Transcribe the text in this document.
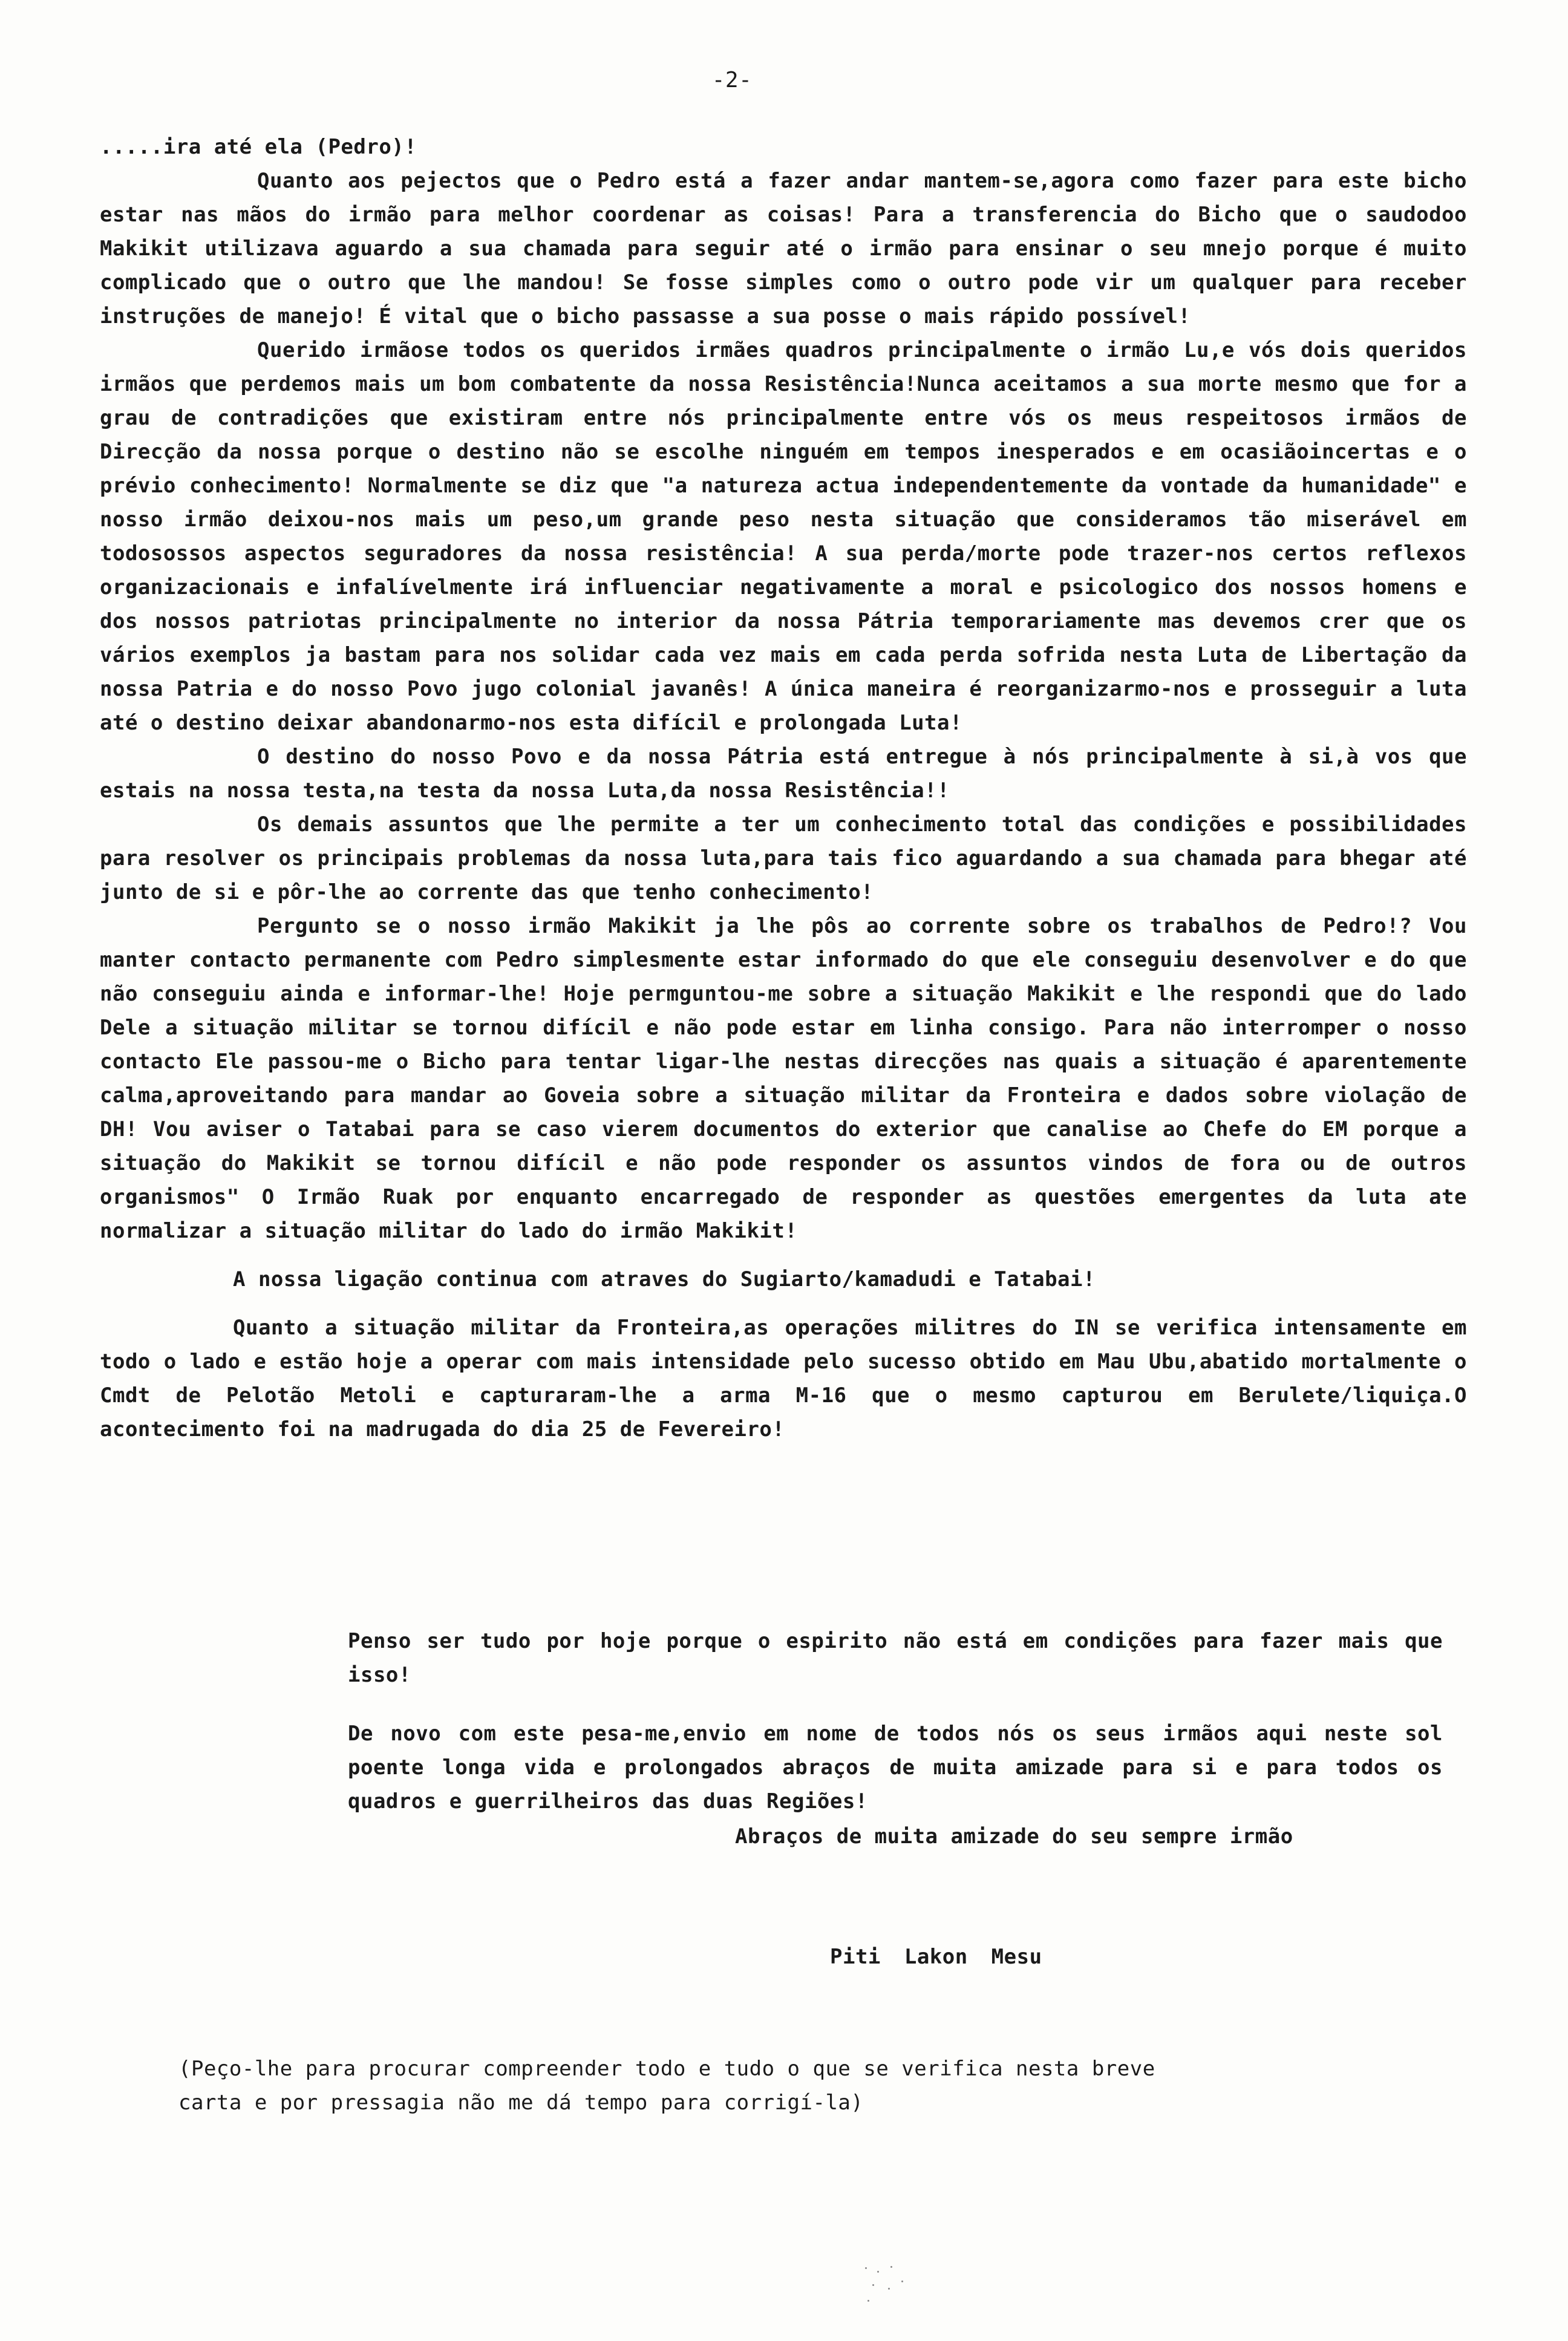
-2-

.....ira até ela (Pedro)!

Quanto aos pejectos que o Pedro está a fazer andar mantem-se,agora como fazer para este bicho estar nas mãos do irmão para melhor coordenar as coisas! Para a transferencia do Bicho que o saudodoo Makikit utilizava aguardo a sua chamada para seguir até o irmão para ensinar o seu mnejo porque é muito complicado que o outro que lhe mandou! Se fosse simples como o outro pode vir um qualquer para receber instruções de manejo! É vital que o bicho passasse a sua posse o mais rápido possível!

Querido irmãose todos os queridos irmães quadros principalmente o irmão Lu,e vós dois queridos irmãos que perdemos mais um bom combatente da nossa Resistência!Nunca aceitamos a sua morte mesmo que for a grau de contradições que existiram entre nós principalmente entre vós os meus respeitosos irmãos de Direcção da nossa porque o destino não se escolhe ninguém em tempos inesperados e em ocasiãoincertas e o prévio conhecimento! Normalmente se diz que "a natureza actua independentemente da vontade da humanidade" e nosso irmão deixou-nos mais um peso,um grande peso nesta situação que consideramos tão miserável em todosossos aspectos seguradores da nossa resistência! A sua perda/morte pode trazer-nos certos reflexos organizacionais e infalívelmente irá influenciar negativamente a moral e psicologico dos nossos homens e dos nossos patriotas principalmente no interior da nossa Pátria temporariamente mas devemos crer que os vários exemplos ja bastam para nos solidar cada vez mais em cada perda sofrida nesta Luta de Libertação da nossa Patria e do nosso Povo jugo colonial javanês! A única maneira é reorganizarmo-nos e prosseguir a luta até o destino deixar abandonarmo-nos esta difícil e prolongada Luta!

O destino do nosso Povo e da nossa Pátria está entregue à nós principalmente à si,à vos que estais na nossa testa,na testa da nossa Luta,da nossa Resistência!!

Os demais assuntos que lhe permite a ter um conhecimento total das condições e possibilidades para resolver os principais problemas da nossa luta,para tais fico aguardando a sua chamada para bhegar até junto de si e pôr-lhe ao corrente das que tenho conhecimento!

Pergunto se o nosso irmão Makikit ja lhe pôs ao corrente sobre os trabalhos de Pedro!? Vou manter contacto permanente com Pedro simplesmente estar informado do que ele conseguiu desenvolver e do que não conseguiu ainda e informar-lhe! Hoje permguntou-me sobre a situação Makikit e lhe respondi que do lado Dele a situação militar se tornou difícil e não pode estar em linha consigo. Para não interromper o nosso contacto Ele passou-me o Bicho para tentar ligar-lhe nestas direcções nas quais a situação é aparentemente calma,aproveitando para mandar ao Goveia sobre a situação militar da Fronteira e dados sobre violação de DH! Vou aviser o Tatabai para se caso vierem documentos do exterior que canalise ao Chefe do EM porque a situação do Makikit se tornou difícil e não pode responder os assuntos vindos de fora ou de outros organismos" O Irmão Ruak por enquanto encarregado de responder as questões emergentes da luta ate normalizar a situação militar do lado do irmão Makikit!

A nossa ligação continua com atraves do Sugiarto/kamadudi e Tatabai!

Quanto a situação militar da Fronteira,as operações militres do IN se verifica intensamente em todo o lado e estão hoje a operar com mais intensidade pelo sucesso obtido em Mau Ubu,abatido mortalmente o Cmdt de Pelotão Metoli e capturaram-lhe a arma M-16 que o mesmo capturou em Berulete/liquiça.O acontecimento foi na madrugada do dia 25 de Fevereiro!

Penso ser tudo por hoje porque o espirito não está em condições para fazer mais que isso!

De novo com este pesa-me,envio em nome de todos nós os seus irmãos aqui neste sol poente longa vida e prolongados abraços de muita amizade para si e para todos os quadros e guerrilheiros das duas Regiões!

Abraços de muita amizade do seu sempre irmão
Piti Lakon Mesu

(Peço-lhe para procurar compreender todo e tudo o que se verifica nesta breve

carta e por pressagia não me dá tempo para corrigí-la)
